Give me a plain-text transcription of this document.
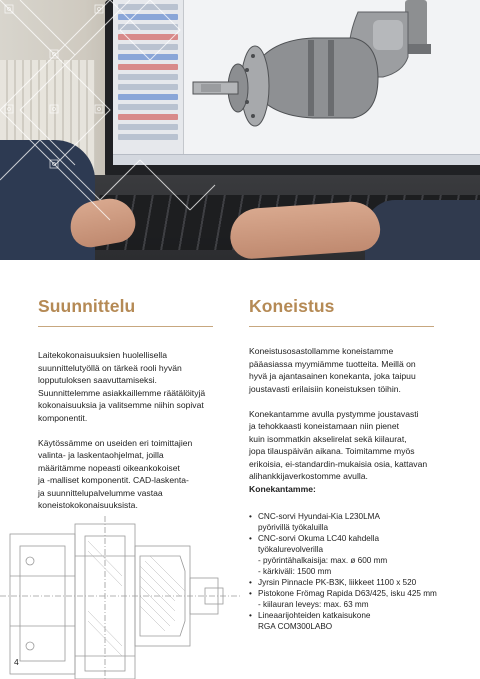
Suunnittelu

Laitekokonaisuuksien huolellisella

suunnittelutyöllä on tärkeä rooli hyvän

lopputuloksen saavuttamiseksi.

Suunnittelemme asiakkaillemme räätälöityjä

kokonaisuuksia ja valitsemme niihin sopivat

komponentit.

Käytössämme on useiden eri toimittajien

valinta- ja laskentaohjelmat, joilla

määritämme nopeasti oikeankokoiset

ja -malliset komponentit. CAD-laskenta-

ja suunnittelupalvelumme vastaa

koneistokokonaisuuksista.

Koneistus

Koneistusosastollamme koneistamme

pääasiassa myymiämme tuotteita. Meillä on

hyvä ja ajantasainen konekanta, joka taipuu

joustavasti erilaisiin koneistuksen töihin.

Konekantamme avulla pystymme joustavasti

ja tehokkaasti koneistamaan niin pienet

kuin isommatkin akselirelat sekä kiilaurat,

jopa tilauspäivän aikana. Toimitamme myös

erikoisia, ei-standardin-mukaisia osia, kattavan

alihankkijaverkostomme avulla.

Konekantamme:

• CNC-sorvi Hyundai-Kia L230LMA
pyörivillä työkaluilla
• CNC-sorvi Okuma LC40 kahdella
työkalurevolverilla
- pyörintähalkaisija: max. ø 600 mm
- kärkiväli: 1500 mm
• Jyrsin Pinnacle PK-B3K, liikkeet 1100 x 520
• Pistokone Frömag Rapida D63/425, isku 425 mm
- kiilauran leveys: max. 63 mm
• Lineaarijohteiden katkaisukone
RGA COM300LABO
4
